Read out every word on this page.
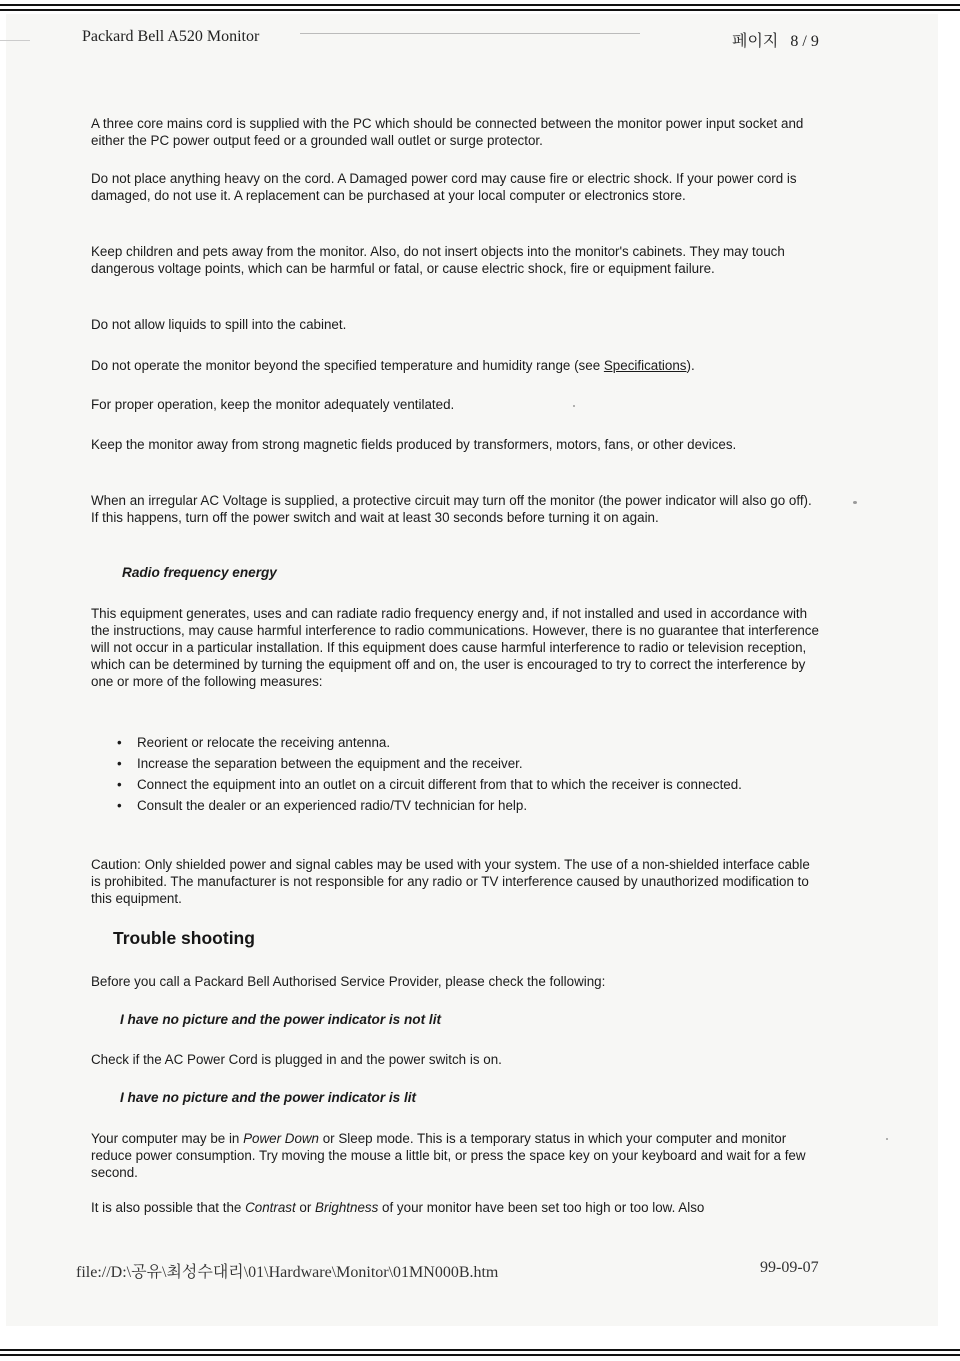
Packard Bell A520 Monitor	페이지 8 / 9

A three core mains cord is supplied with the PC which should be connected between the monitor power input socket and either the PC power output feed or a grounded wall outlet or surge protector.

Do not place anything heavy on the cord. A Damaged power cord may cause fire or electric shock. If your power cord is damaged, do not use it. A replacement can be purchased at your local computer or electronics store.

Keep children and pets away from the monitor. Also, do not insert objects into the monitor's cabinets. They may touch dangerous voltage points, which can be harmful or fatal, or cause electric shock, fire or equipment failure.

Do not allow liquids to spill into the cabinet.

Do not operate the monitor beyond the specified temperature and humidity range (see Specifications).

For proper operation, keep the monitor adequately ventilated.

Keep the monitor away from strong magnetic fields produced by transformers, motors, fans, or other devices.

When an irregular AC Voltage is supplied, a protective circuit may turn off the monitor (the power indicator will also go off). If this happens, turn off the power switch and wait at least 30 seconds before turning it on again.

Radio frequency energy

This equipment generates, uses and can radiate radio frequency energy and, if not installed and used in accordance with the instructions, may cause harmful interference to radio communications. However, there is no guarantee that interference will not occur in a particular installation. If this equipment does cause harmful interference to radio or television reception, which can be determined by turning the equipment off and on, the user is encouraged to try to correct the interference by one or more of the following measures:

• Reorient or relocate the receiving antenna.
• Increase the separation between the equipment and the receiver.
• Connect the equipment into an outlet on a circuit different from that to which the receiver is connected.
• Consult the dealer or an experienced radio/TV technician for help.

Caution: Only shielded power and signal cables may be used with your system. The use of a non-shielded interface cable is prohibited. The manufacturer is not responsible for any radio or TV interference caused by unauthorized modification to this equipment.

Trouble shooting

Before you call a Packard Bell Authorised Service Provider, please check the following:

I have no picture and the power indicator is not lit

Check if the AC Power Cord is plugged in and the power switch is on.

I have no picture and the power indicator is lit

Your computer may be in Power Down or Sleep mode. This is a temporary status in which your computer and monitor reduce power consumption. Try moving the mouse a little bit, or press the space key on your keyboard and wait for a few second.

It is also possible that the Contrast or Brightness of your monitor have been set too high or too low. Also

file://D:\공유\최성수대리\01\Hardware\Monitor\01MN000B.htm	99-09-07
